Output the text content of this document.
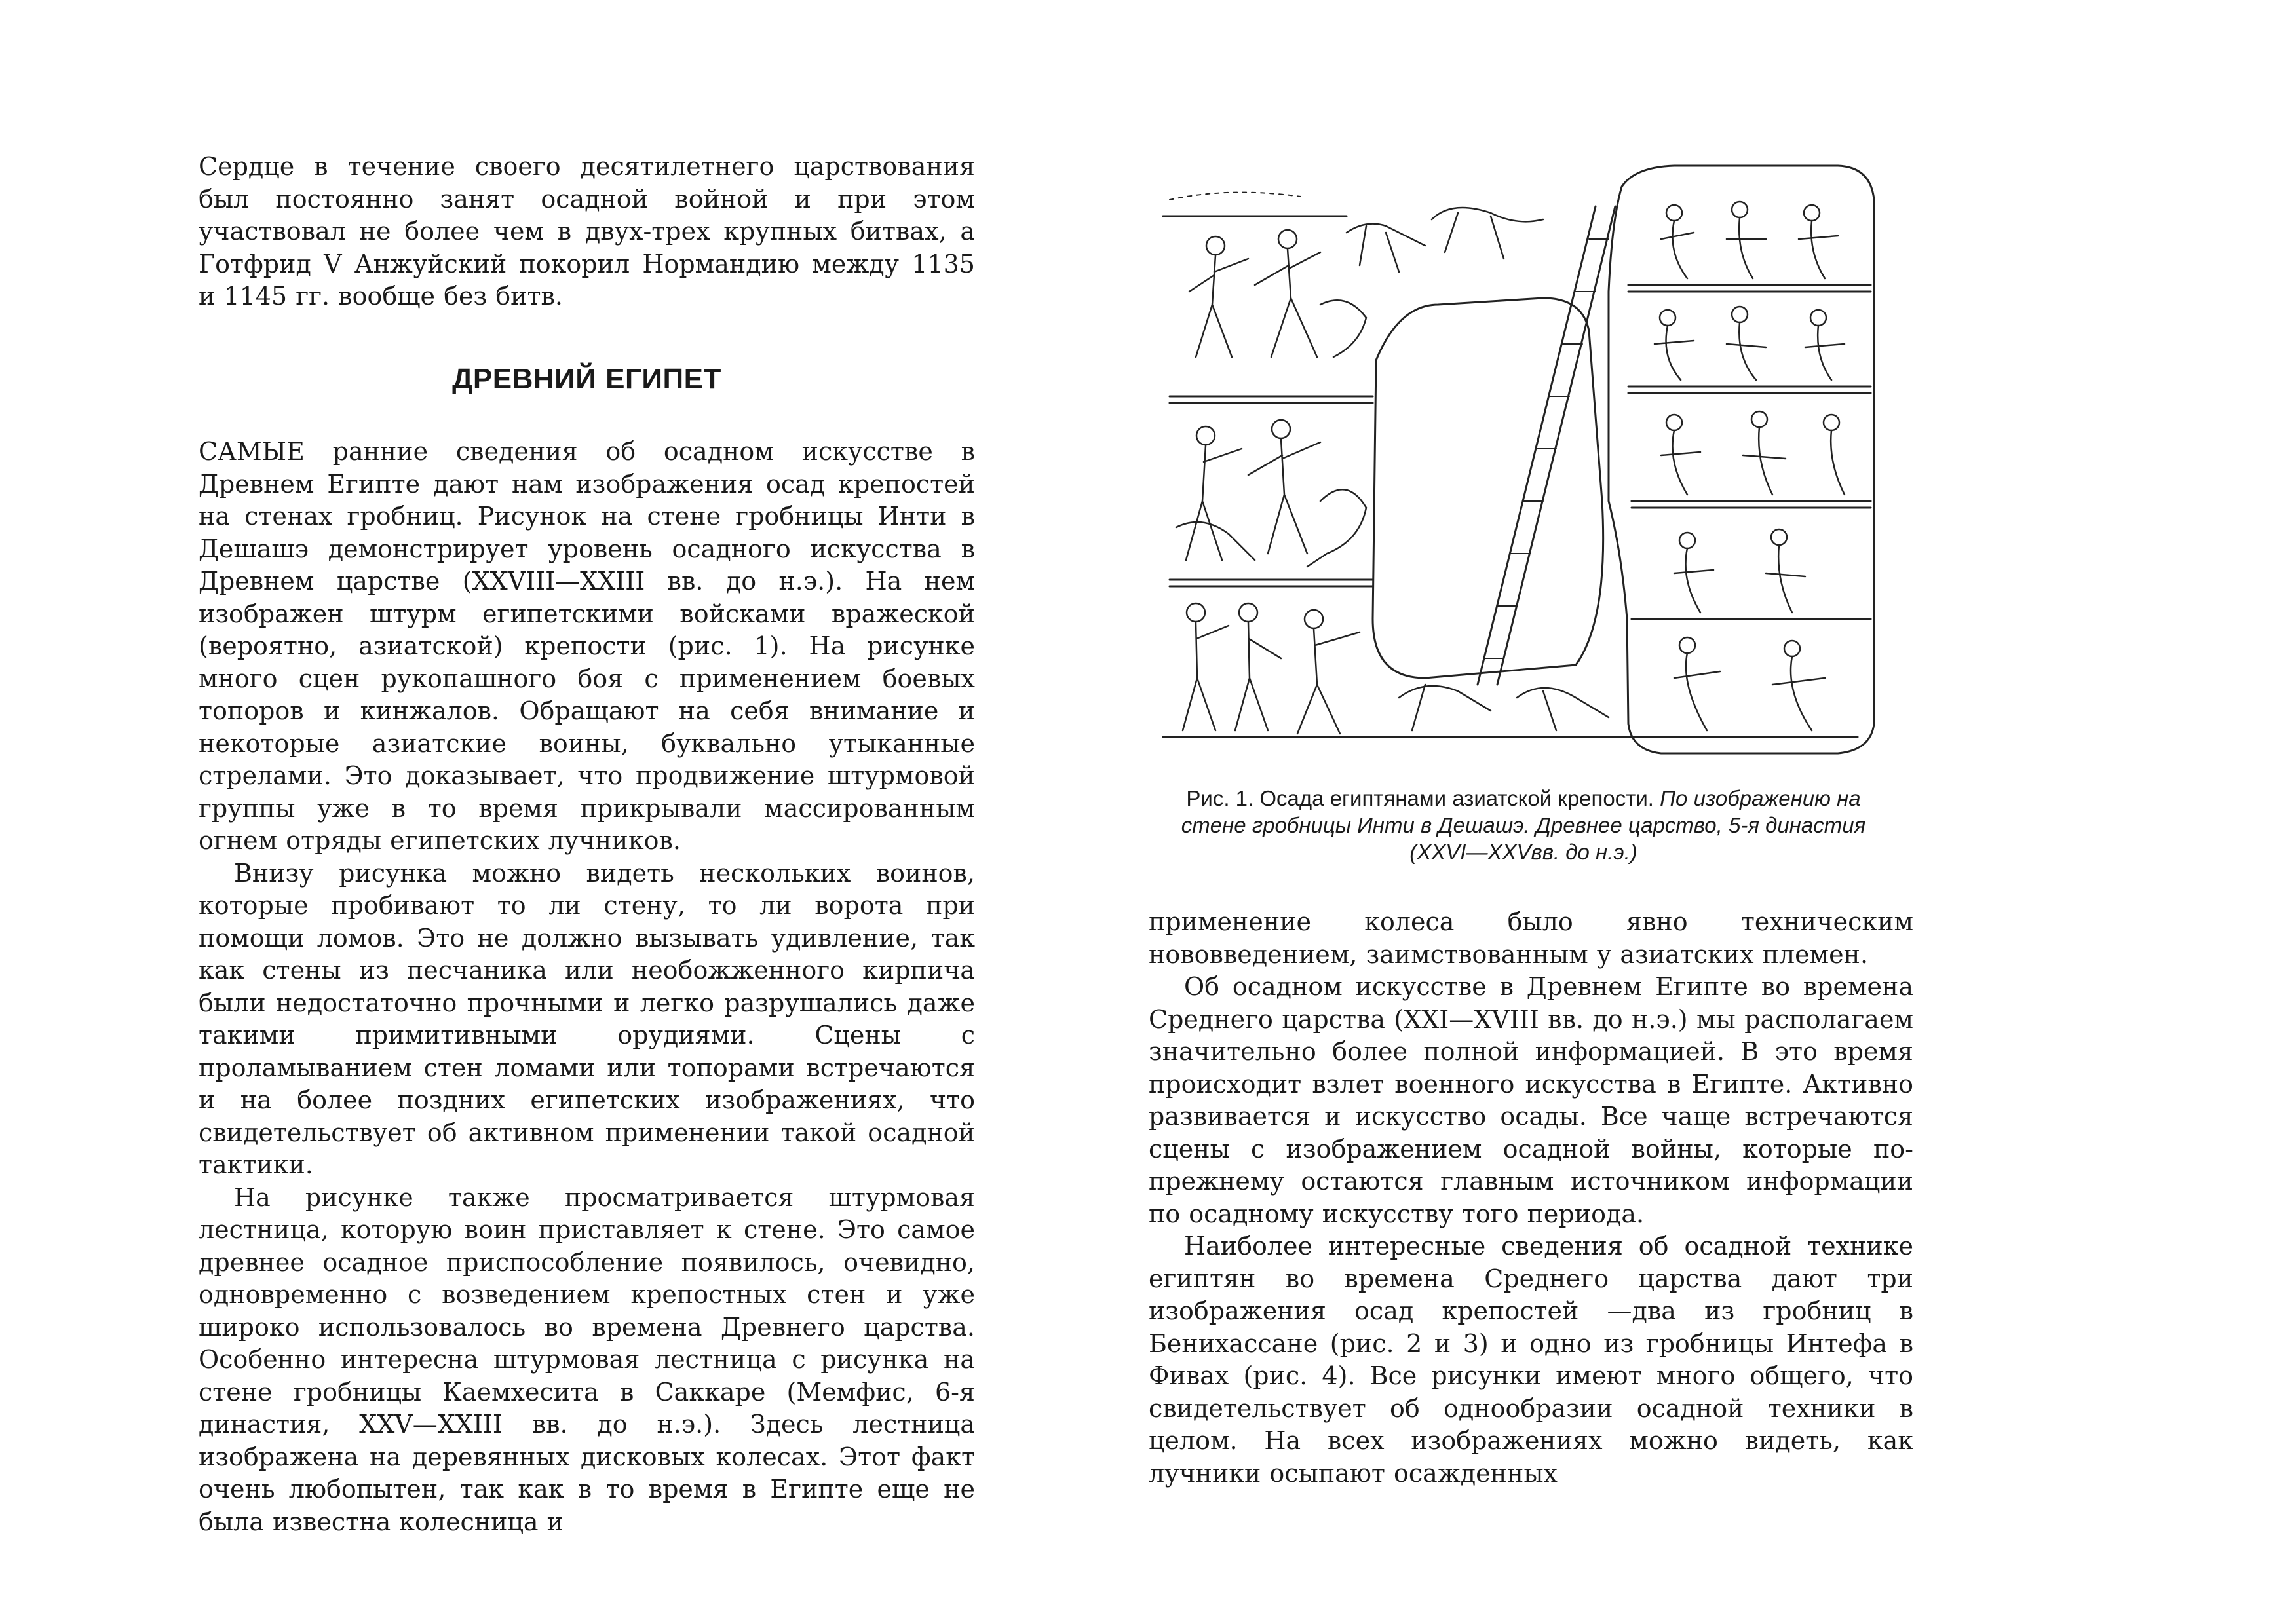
Сердце в течение своего десятилетнего царствования был постоянно занят осадной войной и при этом участвовал не более чем в двух-трех крупных битвах, а Готфрид V Анжуйский покорил Нормандию между 1135 и 1145 гг. вообще без битв.

ДРЕВНИЙ ЕГИПЕТ

САМЫЕ ранние сведения об осадном искусстве в Древнем Египте дают нам изображения осад крепостей на стенах гробниц. Рисунок на стене гробницы Инти в Дешашэ демонстрирует уровень осадного искусства в Древнем царстве (XXVIII—XXIII вв. до н.э.). На нем изображен штурм египетскими войсками вражеской (вероятно, азиатской) крепости (рис. 1). На рисунке много сцен рукопашного боя с применением боевых топоров и кинжалов. Обращают на себя внимание и некоторые азиатские воины, буквально утыканные стрелами. Это доказывает, что продвижение штурмовой группы уже в то время прикрывали массированным огнем отряды египетских лучников.

Внизу рисунка можно видеть нескольких воинов, которые пробивают то ли стену, то ли ворота при помощи ломов. Это не должно вызывать удивление, так как стены из песчаника или необожженного кирпича были недостаточно прочными и легко разрушались даже такими примитивными орудиями. Сцены с проламыванием стен ломами или топорами встречаются и на более поздних египетских изображениях, что свидетельствует об активном применении такой осадной тактики.

На рисунке также просматривается штурмовая лестница, которую воин приставляет к стене. Это самое древнее осадное приспособление появилось, очевидно, одновременно с возведением крепостных стен и уже широко использовалось во времена Древнего царства. Особенно интересна штурмовая лестница с рисунка на стене гробницы Каемхесита в Саккаре (Мемфис, 6-я династия, XXV—XXIII вв. до н.э.). Здесь лестница изображена на деревянных дисковых колесах. Этот факт очень любопытен, так как в то время в Египте еще не была известна колесница и

Рис. 1. Осада египтянами азиатской крепости. По изображению на стене гробницы Инти в Дешашэ. Древнее царство, 5-я династия (XXVI—XXVвв. до н.э.)

применение колеса было явно техническим нововведением, заимствованным у азиатских племен.

Об осадном искусстве в Древнем Египте во времена Среднего царства (XXI—XVIII вв. до н.э.) мы располагаем значительно более полной информацией. В это время происходит взлет военного искусства в Египте. Активно развивается и искусство осады. Все чаще встречаются сцены с изображением осадной войны, которые по-прежнему остаются главным источником информации по осадному искусству того периода.

Наиболее интересные сведения об осадной технике египтян во времена Среднего царства дают три изображения осад крепостей —два из гробниц в Бенихассане (рис. 2 и 3) и одно из гробницы Интефа в Фивах (рис. 4). Все рисунки имеют много общего, что свидетельствует об однообразии осадной техники в целом. На всех изображениях можно видеть, как лучники осыпают осажденных
